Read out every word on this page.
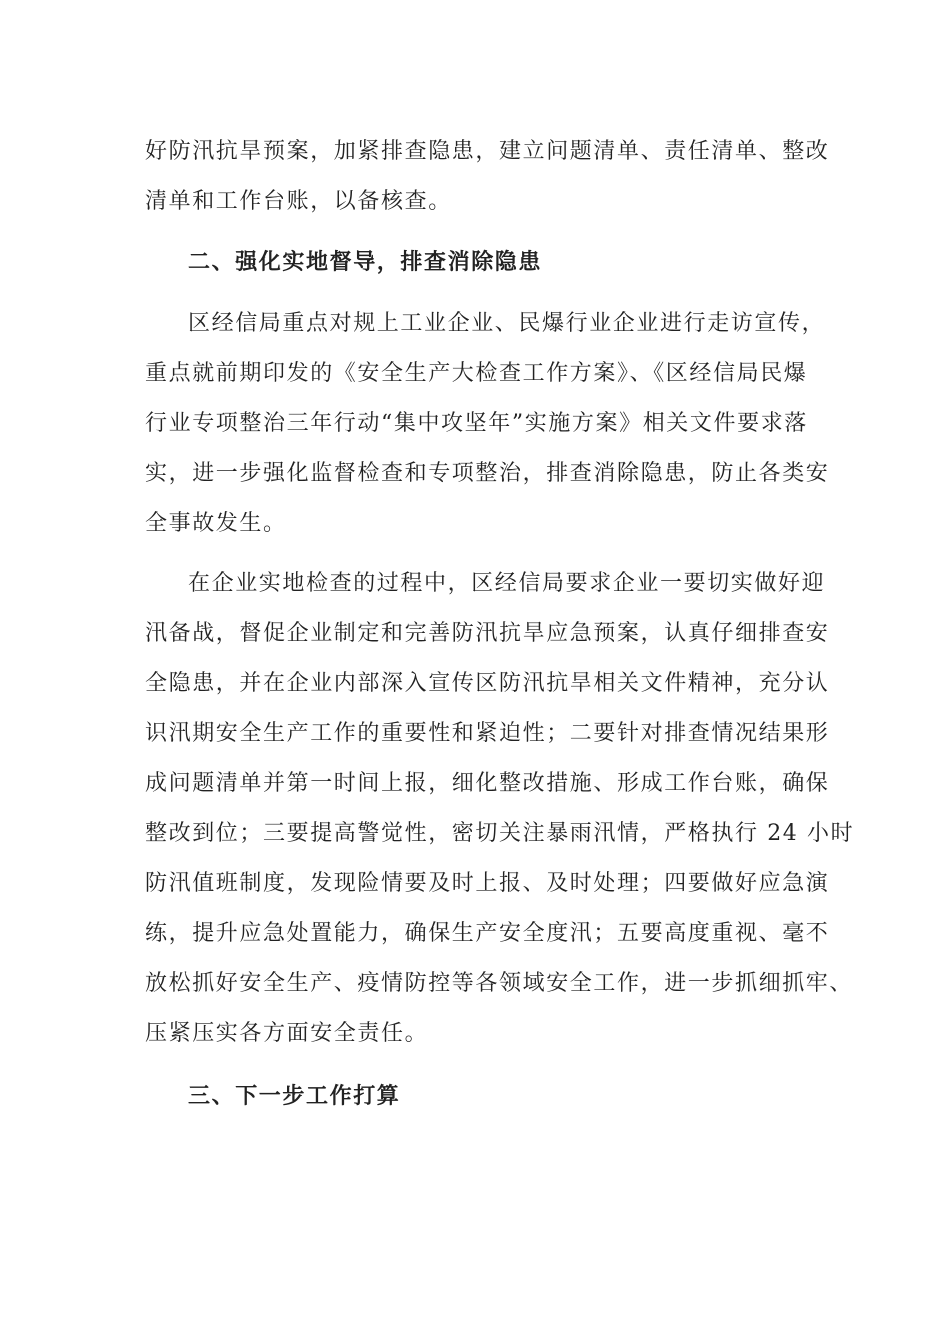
好防汛抗旱预案，加紧排查隐患，建立问题清单、责任清单、整改
清单和工作台账，以备核查。
二、强化实地督导，排查消除隐患
区经信局重点对规上工业企业、民爆行业企业进行走访宣传，
重点就前期印发的《安全生产大检查工作方案》、《区经信局民爆
行业专项整治三年行动“集中攻坚年”实施方案》相关文件要求落
实，进一步强化监督检查和专项整治，排查消除隐患，防止各类安
全事故发生。
在企业实地检查的过程中，区经信局要求企业一要切实做好迎
汛备战，督促企业制定和完善防汛抗旱应急预案，认真仔细排查安
全隐患，并在企业内部深入宣传区防汛抗旱相关文件精神，充分认
识汛期安全生产工作的重要性和紧迫性；二要针对排查情况结果形
成问题清单并第一时间上报，细化整改措施、形成工作台账，确保
整改到位；三要提高警觉性，密切关注暴雨汛情，严格执行 24 小时
防汛值班制度，发现险情要及时上报、及时处理；四要做好应急演
练，提升应急处置能力，确保生产安全度汛；五要高度重视、毫不
放松抓好安全生产、疫情防控等各领域安全工作，进一步抓细抓牢、
压紧压实各方面安全责任。
三、下一步工作打算
